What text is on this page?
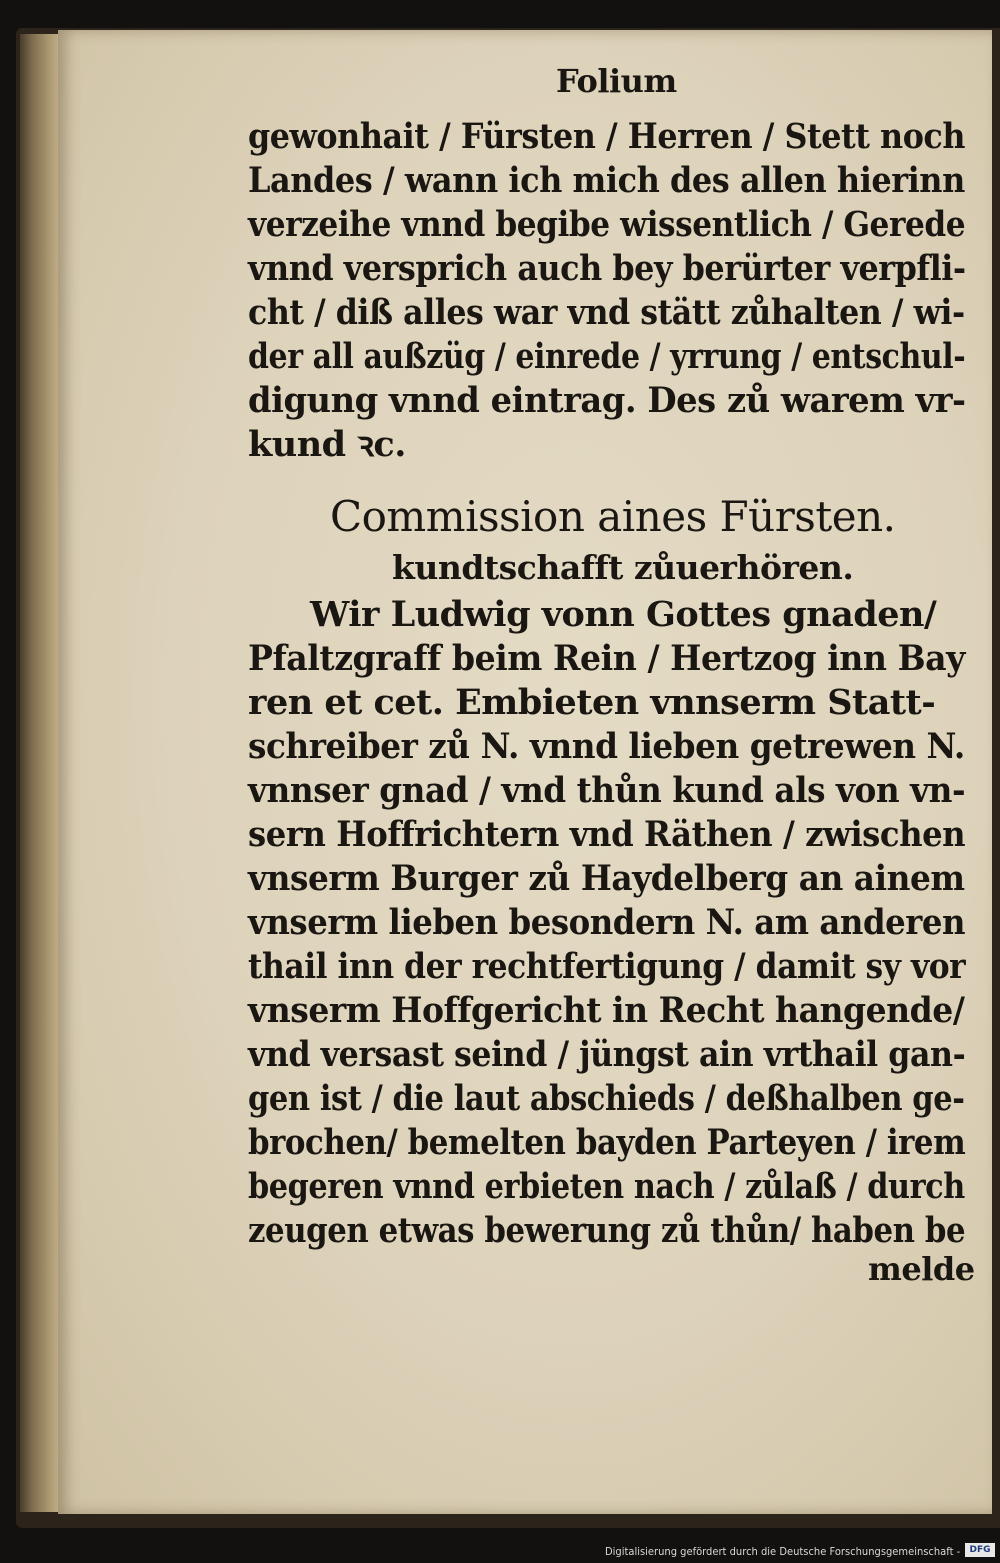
Folium
gewonhait / Fürsten / Herren / Stett noch
Landes / wann ich mich des allen hierinn
verzeihe vnnd begibe wissentlich / Gerede
vnnd versprich auch bey berürter verpfli-
cht / diß alles war vnd stätt zůhalten / wi-
der all außzüg / einrede / yrrung / entschul-
digung vnnd eintrag. Des zů warem vr-
kund ꝛc.
Commission aines Fürsten.
kundtschafft zůuerhören.
Wir Ludwig vonn Gottes gnaden/
Pfaltzgraff beim Rein / Hertzog inn Bay
ren et cet. Embieten vnnserm Statt-
schreiber zů N. vnnd lieben getrewen N.
vnnser gnad / vnd thůn kund als von vn-
sern Hoffrichtern vnd Räthen / zwischen
vnserm Burger zů Haydelberg an ainem
vnserm lieben besondern N. am anderen
thail inn der rechtfertigung / damit sy vor
vnserm Hoffgericht in Recht hangende/
vnd versast seind / jüngst ain vrthail gan-
gen ist / die laut abschieds / deßhalben ge-
brochen/ bemelten bayden Parteyen / irem
begeren vnnd erbieten nach / zůlaß / durch
zeugen etwas bewerung zů thůn/ haben be
melde
Digitalisierung gefördert durch die Deutsche Forschungsgemeinschaft -	DFG
